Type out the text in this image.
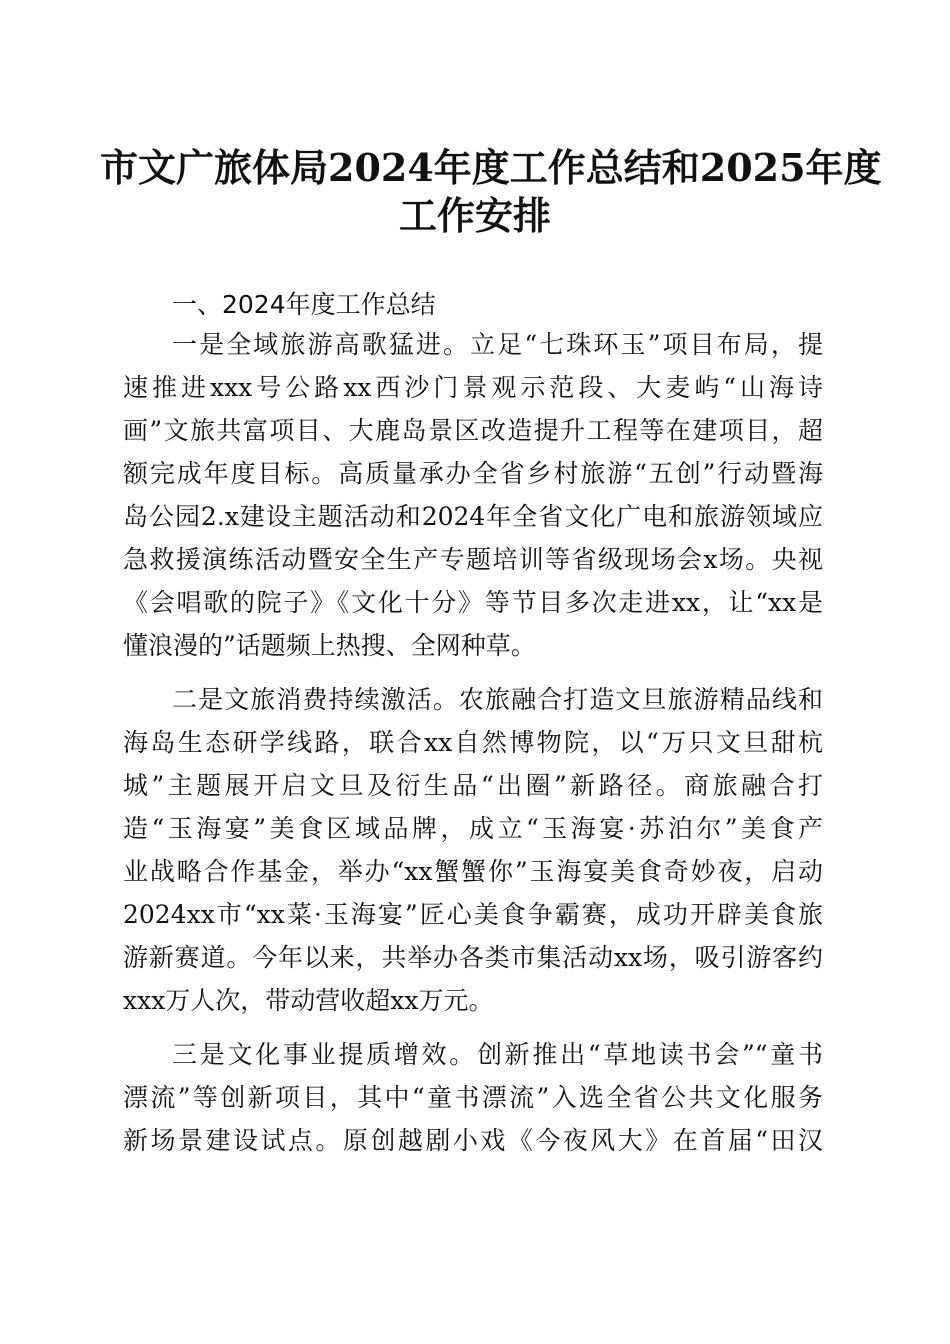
市文广旅体局2024年度工作总结和2025年度
工作安排
一、2024年度工作总结
一是全域旅游高歌猛进。立足“七珠环玉”项目布局，提
速推进xxx号公路xx西沙门景观示范段、大麦屿“山海诗
画”文旅共富项目、大鹿岛景区改造提升工程等在建项目，超
额完成年度目标。高质量承办全省乡村旅游“五创”行动暨海
岛公园2.x建设主题活动和2024年全省文化广电和旅游领域应
急救援演练活动暨安全生产专题培训等省级现场会x场。央视
《会唱歌的院子》《文化十分》等节目多次走进xx，让“xx是
懂浪漫的”话题频上热搜、全网种草。
二是文旅消费持续激活。农旅融合打造文旦旅游精品线和
海岛生态研学线路，联合xx自然博物院，以“万只文旦甜杭
城”主题展开启文旦及衍生品“出圈”新路径。商旅融合打
造“玉海宴”美食区域品牌，成立“玉海宴·苏泊尔”美食产
业战略合作基金，举办“xx蟹蟹你”玉海宴美食奇妙夜，启动
2024xx市“xx菜·玉海宴”匠心美食争霸赛，成功开辟美食旅
游新赛道。今年以来，共举办各类市集活动xx场，吸引游客约
xxx万人次，带动营收超xx万元。
三是文化事业提质增效。创新推出“草地读书会”“童书
漂流”等创新项目，其中“童书漂流”入选全省公共文化服务
新场景建设试点。原创越剧小戏《今夜风大》在首届“田汉
